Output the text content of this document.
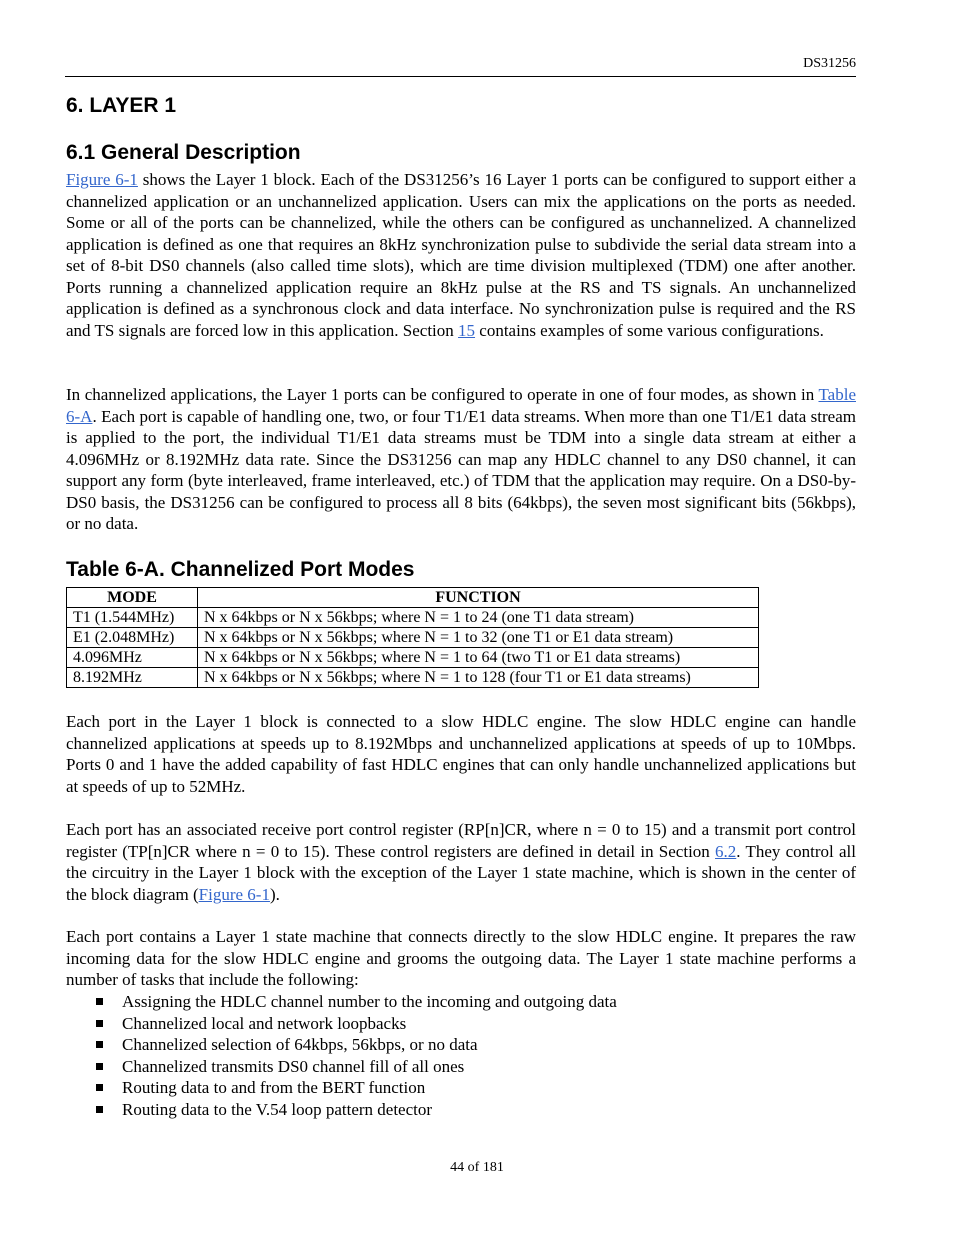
DS31256
6. LAYER 1
6.1 General Description

Figure 6-1 shows the Layer 1 block. Each of the DS31256’s 16 Layer 1 ports can be configured to support either a channelized application or an unchannelized application. Users can mix the applications on the ports as needed. Some or all of the ports can be channelized, while the others can be configured as unchannelized. A channelized application is defined as one that requires an 8kHz synchronization pulse to subdivide the serial data stream into a set of 8-bit DS0 channels (also called time slots), which are time division multiplexed (TDM) one after another. Ports running a channelized application require an 8kHz pulse at the RS and TS signals. An unchannelized application is defined as a synchronous clock and data interface. No synchronization pulse is required and the RS and TS signals are forced low in this application. Section 15 contains examples of some various configurations.

In channelized applications, the Layer 1 ports can be configured to operate in one of four modes, as shown in Table 6-A. Each port is capable of handling one, two, or four T1/E1 data streams. When more than one T1/E1 data stream is applied to the port, the individual T1/E1 data streams must be TDM into a single data stream at either a 4.096MHz or 8.192MHz data rate. Since the DS31256 can map any HDLC channel to any DS0 channel, it can support any form (byte interleaved, frame interleaved, etc.) of TDM that the application may require. On a DS0-by-DS0 basis, the DS31256 can be configured to process all 8 bits (64kbps), the seven most significant bits (56kbps), or no data.

Table 6-A. Channelized Port Modes
MODE	FUNCTION
T1 (1.544MHz)	N x 64kbps or N x 56kbps; where N = 1 to 24 (one T1 data stream)
E1 (2.048MHz)	N x 64kbps or N x 56kbps; where N = 1 to 32 (one T1 or E1 data stream)
4.096MHz	N x 64kbps or N x 56kbps; where N = 1 to 64 (two T1 or E1 data streams)
8.192MHz	N x 64kbps or N x 56kbps; where N = 1 to 128 (four T1 or E1 data streams)

Each port in the Layer 1 block is connected to a slow HDLC engine. The slow HDLC engine can handle channelized applications at speeds up to 8.192Mbps and unchannelized applications at speeds of up to 10Mbps. Ports 0 and 1 have the added capability of fast HDLC engines that can only handle unchannelized applications but at speeds of up to 52MHz.

Each port has an associated receive port control register (RP[n]CR, where n = 0 to 15) and a transmit port control register (TP[n]CR where n = 0 to 15). These control registers are defined in detail in Section 6.2. They control all the circuitry in the Layer 1 block with the exception of the Layer 1 state machine, which is shown in the center of the block diagram (Figure 6-1).

Each port contains a Layer 1 state machine that connects directly to the slow HDLC engine. It prepares the raw incoming data for the slow HDLC engine and grooms the outgoing data. The Layer 1 state machine performs a number of tasks that include the following:

Assigning the HDLC channel number to the incoming and outgoing data
Channelized local and network loopbacks
Channelized selection of 64kbps, 56kbps, or no data
Channelized transmits DS0 channel fill of all ones
Routing data to and from the BERT function
Routing data to the V.54 loop pattern detector
44 of 181
